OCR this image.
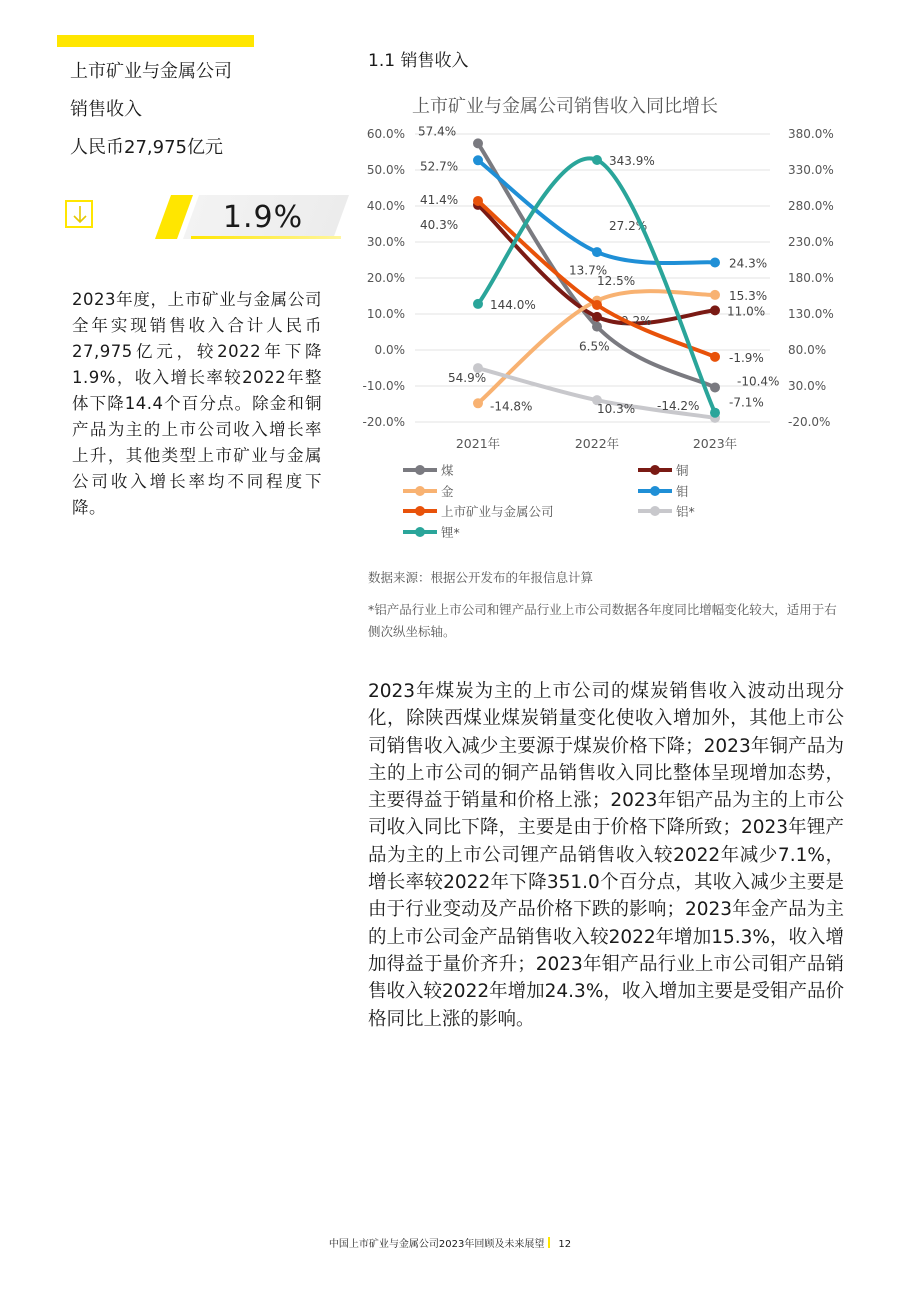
上市矿业与金属公司
销售收入
人民币27,975亿元
1.9%
2023年度，上市矿业与金属公司全年实现销售收入合计人民币27,975亿元，较2022年下降1.9%，收入增长率较2022年整体下降14.4个百分点。除金和铜产品为主的上市公司收入增长率上升，其他类型上市矿业与金属公司收入增长率均不同程度下降。
1.1 销售收入
上市矿业与金属公司销售收入同比增长
60.0%
50.0%
40.0%
30.0%
20.0%
10.0%
0.0%
-10.0%
-20.0%
380.0%
330.0%
280.0%
230.0%
180.0%
130.0%
80.0%
30.0%
-20.0%
2021年	2022年	2023年
57.4%
6.5%
-10.4%
40.3%
9.2%
11.0%
-14.8%
13.7%
15.3%
52.7%
27.2%
24.3%
41.4%
12.5%
-1.9%
54.9%
10.3% -14.2%
144.0%
343.9%
-7.1%
煤	铜
金	钼
上市矿业与金属公司	铝*
锂*
数据来源：根据公开发布的年报信息计算
*铝产品行业上市公司和锂产品行业上市公司数据各年度同比增幅变化较大，适用于右侧次纵坐标轴。
2023年煤炭为主的上市公司的煤炭销售收入波动出现分化，除陕西煤业煤炭销量变化使收入增加外，其他上市公司销售收入减少主要源于煤炭价格下降；2023年铜产品为主的上市公司的铜产品销售收入同比整体呈现增加态势，主要得益于销量和价格上涨；2023年铝产品为主的上市公司收入同比下降，主要是由于价格下降所致；2023年锂产品为主的上市公司锂产品销售收入较2022年减少7.1%，增长率较2022年下降351.0个百分点，其收入减少主要是由于行业变动及产品价格下跌的影响；2023年金产品为主的上市公司金产品销售收入较2022年增加15.3%，收入增加得益于量价齐升；2023年钼产品行业上市公司钼产品销售收入较2022年增加24.3%，收入增加主要是受钼产品价格同比上涨的影响。
中国上市矿业与金属公司2023年回顾及未来展望 12
